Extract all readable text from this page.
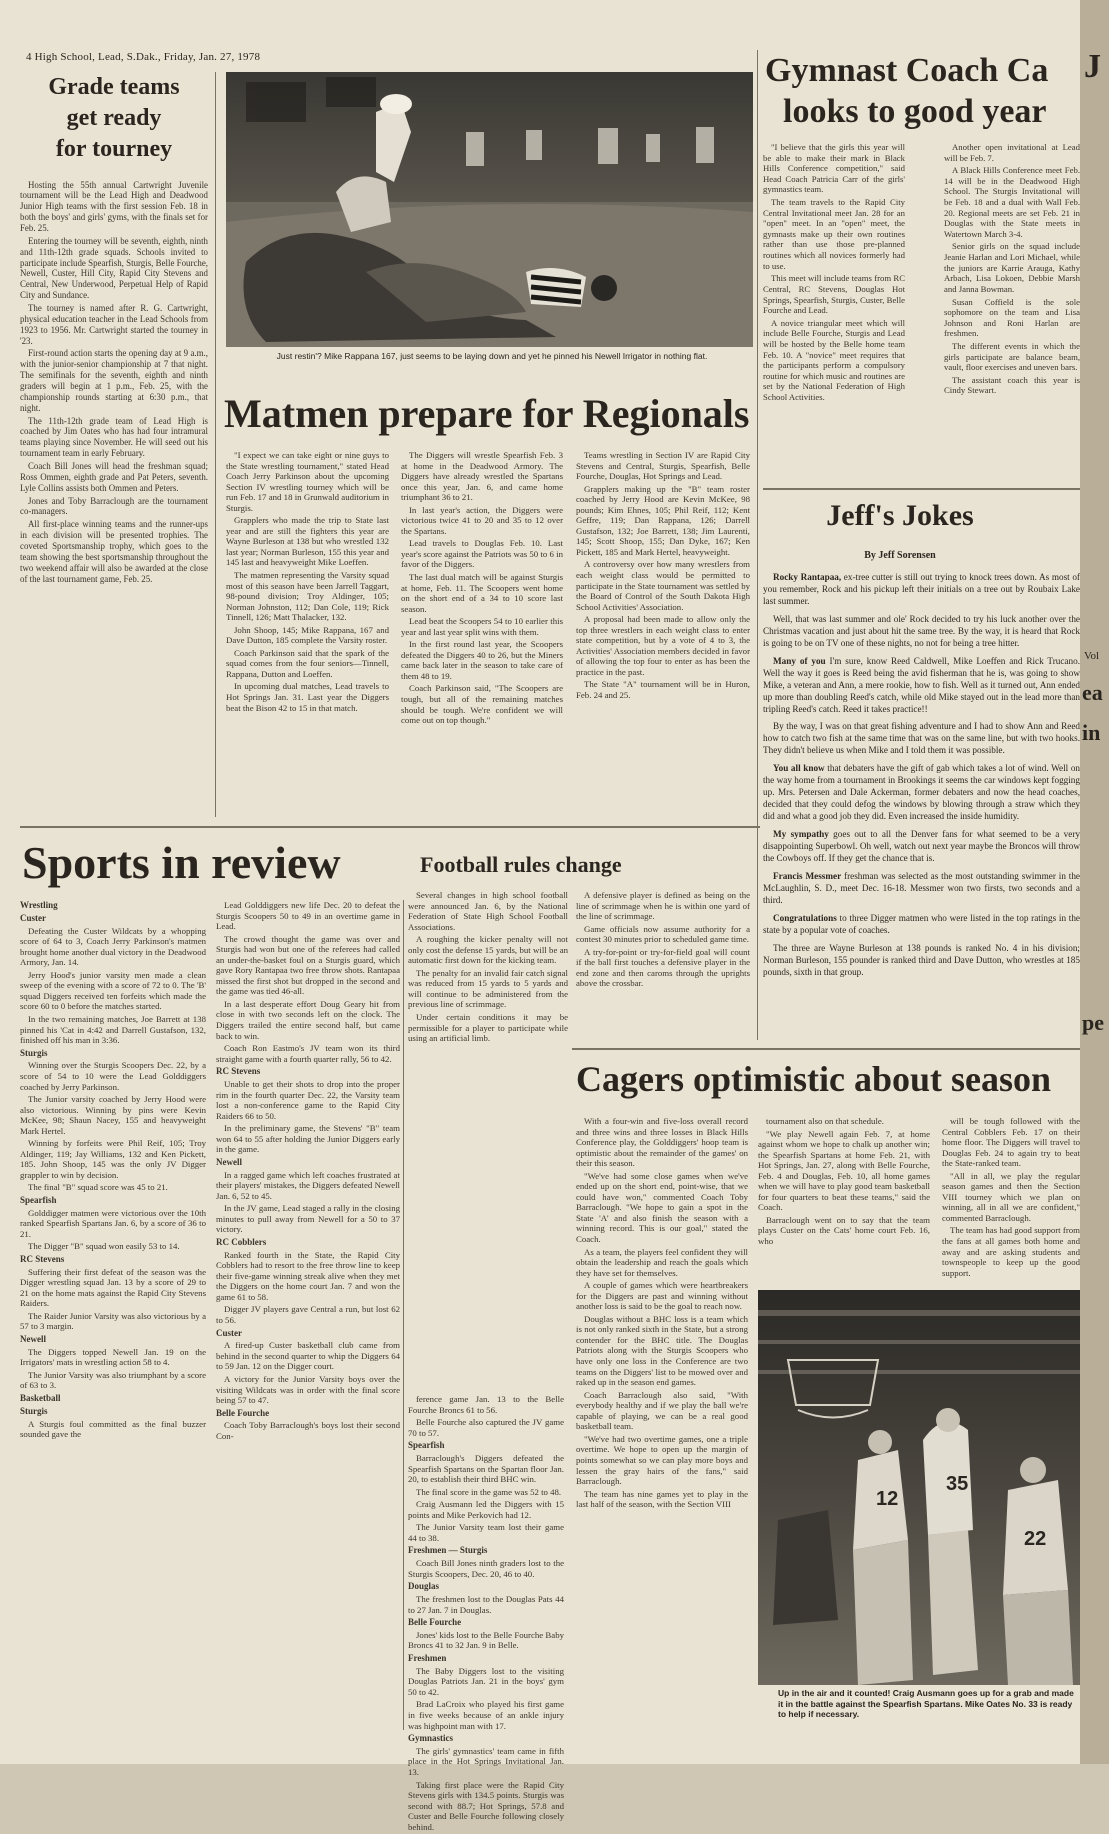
4 High School, Lead, S.Dak., Friday, Jan. 27, 1978
Grade teams
get ready
for tourney

Hosting the 55th annual Cartwright Juvenile tournament will be the Lead High and Deadwood Junior High teams with the first session Feb. 18 in both the boys' and girls' gyms, with the finals set for Feb. 25.

Entering the tourney will be seventh, eighth, ninth and 11th-12th grade squads. Schools invited to participate include Spearfish, Sturgis, Belle Fourche, Newell, Custer, Hill City, Rapid City Stevens and Central, New Underwood, Perpetual Help of Rapid City and Sundance.

The tourney is named after R. G. Cartwright, physical education teacher in the Lead Schools from 1923 to 1956. Mr. Cartwright started the tourney in '23.

First-round action starts the opening day at 9 a.m., with the junior-senior championship at 7 that night. The semifinals for the seventh, eighth and ninth graders will begin at 1 p.m., Feb. 25, with the championship rounds starting at 6:30 p.m., that night.

The 11th-12th grade team of Lead High is coached by Jim Oates who has had four intramural teams playing since November. He will seed out his tournament team in early February.

Coach Bill Jones will head the freshman squad; Ross Ommen, eighth grade and Pat Peters, seventh. Lyle Collins assists both Ommen and Peters.

Jones and Toby Barraclough are the tournament co-managers.

All first-place winning teams and the runner-ups in each division will be presented trophies. The coveted Sportsmanship trophy, which goes to the team showing the best sportsmanship throughout the two weekend affair will also be awarded at the close of the last tournament game, Feb. 25.

Just restin'? Mike Rappana 167, just seems to be laying down and yet he pinned his Newell Irrigator in nothing flat.
Gymnast Coach Ca
looks to good year

"I believe that the girls this year will be able to make their mark in Black Hills Conference competition," said Head Coach Patricia Carr of the girls' gymnastics team.

The team travels to the Rapid City Central Invitational meet Jan. 28 for an "open" meet. In an "open" meet, the gymnasts make up their own routines rather than use those pre-planned routines which all novices formerly had to use.

This meet will include teams from RC Central, RC Stevens, Douglas Hot Springs, Spearfish, Sturgis, Custer, Belle Fourche and Lead.

A novice triangular meet which will include Belle Fourche, Sturgis and Lead will be hosted by the Belle home team Feb. 10. A "novice" meet requires that the participants perform a compulsory routine for which music and routines are set by the National Federation of High School Activities.

Another open invitational at Lead will be Feb. 7.

A Black Hills Conference meet Feb. 14 will be in the Deadwood High School. The Sturgis Invitational will be Feb. 18 and a dual with Wall Feb. 20. Regional meets are set Feb. 21 in Douglas with the State meets in Watertown March 3-4.

Senior girls on the squad include Jeanie Harlan and Lori Michael, while the juniors are Karrie Arauga, Kathy Arbach, Lisa Lokoen, Debbie Marsh and Janna Bowman.

Susan Coffield is the sole sophomore on the team and Lisa Johnson and Roni Harlan are freshmen.

The different events in which the girls participate are balance beam, vault, floor exercises and uneven bars.

The assistant coach this year is Cindy Stewart.

Matmen prepare for Regionals

"I expect we can take eight or nine guys to the State wrestling tournament," stated Head Coach Jerry Parkinson about the upcoming Section IV wrestling tourney which will be run Feb. 17 and 18 in Grunwald auditorium in Sturgis.

Grapplers who made the trip to State last year and are still the fighters this year are Wayne Burleson at 138 but who wrestled 132 last year; Norman Burleson, 155 this year and 145 last and heavyweight Mike Loeffen.

The matmen representing the Varsity squad most of this season have been Jarrell Taggart, 98-pound division; Troy Aldinger, 105; Norman Johnston, 112; Dan Cole, 119; Rick Tinnell, 126; Matt Thalacker, 132.

John Shoop, 145; Mike Rappana, 167 and Dave Dutton, 185 complete the Varsity roster.

Coach Parkinson said that the spark of the squad comes from the four seniors—Tinnell, Rappana, Dutton and Loeffen.

In upcoming dual matches, Lead travels to Hot Springs Jan. 31. Last year the Diggers beat the Bison 42 to 15 in that match.

The Diggers will wrestle Spearfish Feb. 3 at home in the Deadwood Armory. The Diggers have already wrestled the Spartans once this year, Jan. 6, and came home triumphant 36 to 21.

In last year's action, the Diggers were victorious twice 41 to 20 and 35 to 12 over the Spartans.

Lead travels to Douglas Feb. 10. Last year's score against the Patriots was 50 to 6 in favor of the Diggers.

The last dual match will be against Sturgis at home, Feb. 11. The Scoopers went home on the short end of a 34 to 10 score last season.

Lead beat the Scoopers 54 to 10 earlier this year and last year split wins with them.

In the first round last year, the Scoopers defeated the Diggers 40 to 26, but the Miners came back later in the season to take care of them 48 to 19.

Coach Parkinson said, "The Scoopers are tough, but all of the remaining matches should be tough. We're confident we will come out on top though."

Teams wrestling in Section IV are Rapid City Stevens and Central, Sturgis, Spearfish, Belle Fourche, Douglas, Hot Springs and Lead.

Grapplers making up the "B" team roster coached by Jerry Hood are Kevin McKee, 98 pounds; Kim Ehnes, 105; Phil Reif, 112; Kent Geffre, 119; Dan Rappana, 126; Darrell Gustafson, 132; Joe Barrett, 138; Jim Laurenti, 145; Scott Shoop, 155; Dan Dyke, 167; Ken Pickett, 185 and Mark Hertel, heavyweight.

A controversy over how many wrestlers from each weight class would be permitted to participate in the State tournament was settled by the Board of Control of the South Dakota High School Activities' Association.

A proposal had been made to allow only the top three wrestlers in each weight class to enter state competition, but by a vote of 4 to 3, the Activities' Association members decided in favor of allowing the top four to enter as has been the practice in the past.

The State "A" tournament will be in Huron, Feb. 24 and 25.

Jeff's Jokes
By Jeff Sorensen

Rocky Rantapaa, ex-tree cutter is still out trying to knock trees down. As most of you remember, Rock and his pickup left their initials on a tree out by Roubaix Lake last summer.

Well, that was last summer and ole' Rock decided to try his luck another over the Christmas vacation and just about hit the same tree. By the way, it is heard that Rock is going to be on TV one of these nights, no not for being a tree hitter.

Many of you I'm sure, know Reed Caldwell, Mike Loeffen and Rick Trucano. Well the way it goes is Reed being the avid fisherman that he is, was going to show Mike, a veteran and Ann, a mere rookie, how to fish. Well as it turned out, Ann ended up more than doubling Reed's catch, while old Mike stayed out in the lead more than tripling Reed's catch. Reed it takes practice!!

By the way, I was on that great fishing adventure and I had to show Ann and Reed how to catch two fish at the same time that was on the same line, but with two hooks. They didn't believe us when Mike and I told them it was possible.

You all know that debaters have the gift of gab which takes a lot of wind. Well on the way home from a tournament in Brookings it seems the car windows kept fogging up. Mrs. Petersen and Dale Ackerman, former debaters and now the head coaches, decided that they could defog the windows by blowing through a straw which they did and what a good job they did. Even increased the inside humidity.

My sympathy goes out to all the Denver fans for what seemed to be a very disappointing Superbowl. Oh well, watch out next year maybe the Broncos will throw the Cowboys off. If they get the chance that is.

Francis Messmer freshman was selected as the most outstanding swimmer in the McLaughlin, S. D., meet Dec. 16-18. Messmer won two firsts, two seconds and a third.

Congratulations to three Digger matmen who were listed in the top ratings in the state by a popular vote of coaches.

The three are Wayne Burleson at 138 pounds is ranked No. 4 in his division; Norman Burleson, 155 pounder is ranked third and Dave Dutton, who wrestles at 185 pounds, sixth in that group.

Sports in review

Wrestling

Custer

Defeating the Custer Wildcats by a whopping score of 64 to 3, Coach Jerry Parkinson's matmen brought home another dual victory in the Deadwood Armory, Jan. 14.

Jerry Hood's junior varsity men made a clean sweep of the evening with a score of 72 to 0. The 'B' squad Diggers received ten forfeits which made the score 60 to 0 before the matches started.

In the two remaining matches, Joe Barrett at 138 pinned his 'Cat in 4:42 and Darrell Gustafson, 132, finished off his man in 3:36.

Sturgis

Winning over the Sturgis Scoopers Dec. 22, by a score of 54 to 10 were the Lead Golddiggers coached by Jerry Parkinson.

The Junior varsity coached by Jerry Hood were also victorious. Winning by pins were Kevin McKee, 98; Shaun Nacey, 155 and heavyweight Mark Hertel.

Winning by forfeits were Phil Reif, 105; Troy Aldinger, 119; Jay Williams, 132 and Ken Pickett, 185. John Shoop, 145 was the only JV Digger grappler to win by decision.

The final "B" squad score was 45 to 21.

Spearfish

Golddigger matmen were victorious over the 10th ranked Spearfish Spartans Jan. 6, by a score of 36 to 21.

The Digger "B" squad won easily 53 to 14.

RC Stevens

Suffering their first defeat of the season was the Digger wrestling squad Jan. 13 by a score of 29 to 21 on the home mats against the Rapid City Stevens Raiders.

The Raider Junior Varsity was also victorious by a 57 to 3 margin.

Newell

The Diggers topped Newell Jan. 19 on the Irrigators' mats in wrestling action 58 to 4.

The Junior Varsity was also triumphant by a score of 63 to 3.

Basketball

Sturgis

A Sturgis foul committed as the final buzzer sounded gave the

Lead Golddiggers new life Dec. 20 to defeat the Sturgis Scoopers 50 to 49 in an overtime game in Lead.

The crowd thought the game was over and Sturgis had won but one of the referees had called an under-the-basket foul on a Sturgis guard, which gave Rory Rantapaa two free throw shots. Rantapaa missed the first shot but dropped in the second and the game was tied 46-all.

In a last desperate effort Doug Geary hit from close in with two seconds left on the clock. The Diggers trailed the entire second half, but came back to win.

Coach Ron Eastmo's JV team won its third straight game with a fourth quarter rally, 56 to 42.

RC Stevens

Unable to get their shots to drop into the proper rim in the fourth quarter Dec. 22, the Varsity team lost a non-conference game to the Rapid City Raiders 66 to 50.

In the preliminary game, the Stevens' "B" team won 64 to 55 after holding the Junior Diggers early in the game.

Newell

In a ragged game which left coaches frustrated at their players' mistakes, the Diggers defeated Newell Jan. 6, 52 to 45.

In the JV game, Lead staged a rally in the closing minutes to pull away from Newell for a 50 to 37 victory.

RC Cobblers

Ranked fourth in the State, the Rapid City Cobblers had to resort to the free throw line to keep their five-game winning streak alive when they met the Diggers on the home court Jan. 7 and won the game 61 to 58.

Digger JV players gave Central a run, but lost 62 to 56.

Custer

A fired-up Custer basketball club came from behind in the second quarter to whip the Diggers 64 to 59 Jan. 12 on the Digger court.

A victory for the Junior Varsity boys over the visiting Wildcats was in order with the final score being 57 to 47.

Belle Fourche

Coach Toby Barraclough's boys lost their second Con-

ference game Jan. 13 to the Belle Fourche Broncs 61 to 56.

Belle Fourche also captured the JV game 70 to 57.

Spearfish

Barraclough's Diggers defeated the Spearfish Spartans on the Spartan floor Jan. 20, to establish their third BHC win.

The final score in the game was 52 to 48.

Craig Ausmann led the Diggers with 15 points and Mike Perkovich had 12.

The Junior Varsity team lost their game 44 to 38.

Freshmen — Sturgis

Coach Bill Jones ninth graders lost to the Sturgis Scoopers, Dec. 20, 46 to 40.

Douglas

The freshmen lost to the Douglas Pats 44 to 27 Jan. 7 in Douglas.

Belle Fourche

Jones' kids lost to the Belle Fourche Baby Broncs 41 to 32 Jan. 9 in Belle.

Freshmen

The Baby Diggers lost to the visiting Douglas Patriots Jan. 21 in the boys' gym 50 to 42.

Brad LaCroix who played his first game in five weeks because of an ankle injury was highpoint man with 17.

Gymnastics

The girls' gymnastics' team came in fifth place in the Hot Springs Invitational Jan. 13.

Taking first place were the Rapid City Stevens girls with 134.5 points. Sturgis was second with 88.7; Hot Springs, 57.8 and Custer and Belle Fourche following closely behind.

Football rules change

Several changes in high school football were announced Jan. 6, by the National Federation of State High School Football Associations.

A roughing the kicker penalty will not only cost the defense 15 yards, but will be an automatic first down for the kicking team.

The penalty for an invalid fair catch signal was reduced from 15 yards to 5 yards and will continue to be administered from the previous line of scrimmage.

Under certain conditions it may be permissible for a player to participate while using an artificial limb.

A defensive player is defined as being on the line of scrimmage when he is within one yard of the line of scrimmage.

Game officials now assume authority for a contest 30 minutes prior to scheduled game time.

A try-for-point or try-for-field goal will count if the ball first touches a defensive player in the end zone and then caroms through the uprights above the crossbar.

Cagers optimistic about season

With a four-win and five-loss overall record and three wins and three losses in Black Hills Conference play, the Golddiggers' hoop team is optimistic about the remainder of the games' on their this season.

"We've had some close games when we've ended up on the short end, point-wise, that we could have won," commented Coach Toby Barraclough. "We hope to gain a spot in the State 'A' and also finish the season with a winning record. This is our goal," stated the Coach.

As a team, the players feel confident they will obtain the leadership and reach the goals which they have set for themselves.

A couple of games which were heartbreakers for the Diggers are past and winning without another loss is said to be the goal to reach now.

Douglas without a BHC loss is a team which is not only ranked sixth in the State, but a strong contender for the BHC title. The Douglas Patriots along with the Sturgis Scoopers who have only one loss in the Conference are two teams on the Diggers' list to be mowed over and raked up in the season end games.

Coach Barraclough also said, "With everybody healthy and if we play the ball we're capable of playing, we can be a real good basketball team.

"We've had two overtime games, one a triple overtime. We hope to open up the margin of points somewhat so we can play more boys and lessen the gray hairs of the fans," said Barraclough.

The team has nine games yet to play in the last half of the season, with the Section VIII

tournament also on that schedule.

"We play Newell again Feb. 7, at home against whom we hope to chalk up another win; the Spearfish Spartans at home Feb. 21, with Hot Springs, Jan. 27, along with Belle Fourche, Feb. 4 and Douglas, Feb. 10, all home games when we will have to play good team basketball for four quarters to beat these teams," said the Coach.

Barraclough went on to say that the team plays Custer on the Cats' home court Feb. 16, who

will be tough followed with the Central Cobblers Feb. 17 on their home floor. The Diggers will travel to Douglas Feb. 24 to again try to beat the State-ranked team.

"All in all, we play the regular season games and then the Section VIII tourney which we plan on winning, all in all we are confident," commented Barraclough.

The team has had good support from the fans at all games both home and away and are asking students and townspeople to keep up the good support.

35
12
22
Up in the air and it counted! Craig Ausmann goes up for a grab and made it in the battle against the Spearfish Spartans. Mike Oates No. 33 is ready to help if necessary.
J
Vol
ea
in
pe
